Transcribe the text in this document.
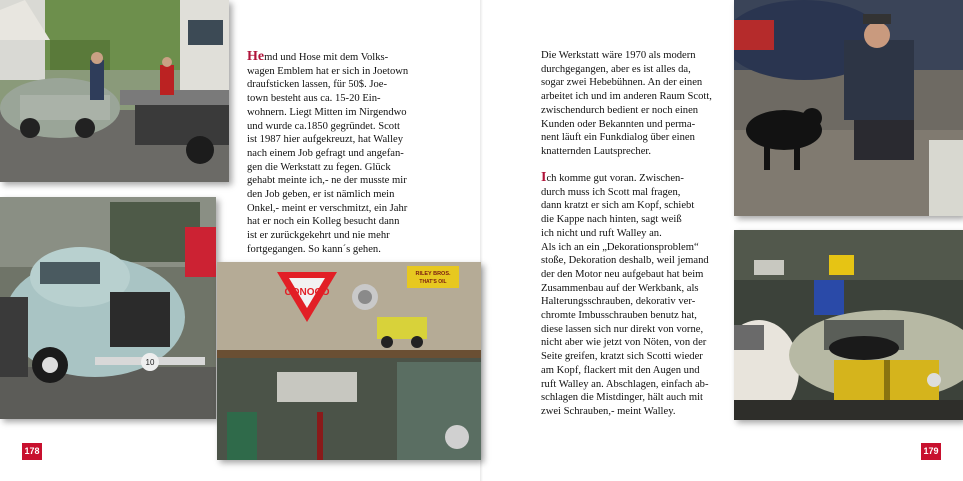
10
CONOCO
RILEY BROS.
THAT'S OIL

Hemd und Hose mit dem Volks-
wagen Emblem hat er sich in Joetown
draufsticken lassen, für 50$. Joe-
town besteht aus ca. 15-20 Ein-
wohnern. Liegt Mitten im Nirgendwo
und wurde ca.1850 gegründet. Scott
ist 1987 hier aufgekreuzt, hat Walley
nach einem Job gefragt und angefan-
gen die Werkstatt zu fegen. Glück
gehabt meinte ich,- ne der musste mir
den Job geben, er ist nämlich mein
Onkel,- meint er verschmitzt, ein Jahr
hat er noch ein Kolleg besucht dann
ist er zurückgekehrt und nie mehr
fortgegangen. So kann´s gehen.

178

Die Werkstatt wäre 1970 als modern
durchgegangen, aber es ist alles da,
sogar zwei Hebebühnen. An der einen
arbeitet ich und im anderen Raum Scott,
zwischendurch bedient er noch einen
Kunden oder Bekannten und perma-
nent läuft ein Funkdialog über einen
knatternden Lautsprecher.

Ich komme gut voran. Zwischen-
durch muss ich Scott mal fragen,
dann kratzt er sich am Kopf, schiebt
die Kappe nach hinten, sagt weiß
ich nicht und ruft Walley an.
Als ich an ein „Dekorationsproblem“
stoße, Dekoration deshalb, weil jemand
der den Motor neu aufgebaut hat beim
Zusammenbau auf der Werkbank, als
Halterungsschrauben, dekorativ ver-
chromte Imbusschrauben benutz hat,
diese lassen sich nur direkt von vorne,
nicht aber wie jetzt von Nöten, von der
Seite greifen, kratzt sich Scotti wieder
am Kopf, flackert mit den Augen und
ruft Walley an. Abschlagen, einfach ab-
schlagen die Mistdinger, hält auch mit
zwei Schrauben,- meint Walley.

179
